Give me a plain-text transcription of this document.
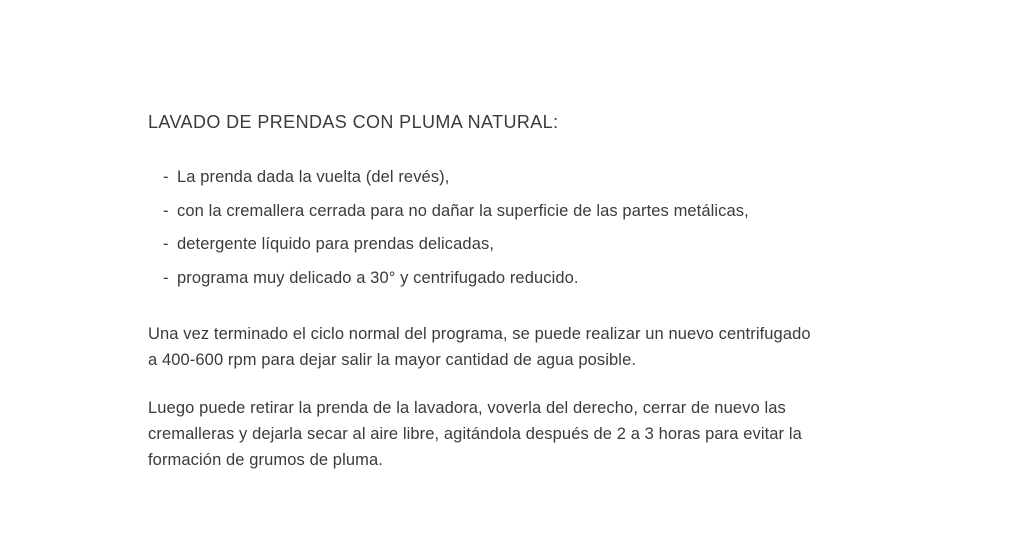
LAVADO DE PRENDAS CON PLUMA NATURAL:
- La prenda dada la vuelta (del revés),
- con la cremallera cerrada para no dañar la superficie de las partes metálicas,
- detergente líquido para prendas delicadas,
- programa muy delicado a 30° y centrifugado reducido.

Una vez terminado el ciclo normal del programa, se puede realizar un nuevo centrifugado
a 400-600 rpm para dejar salir la mayor cantidad de agua posible.

Luego puede retirar la prenda de la lavadora, voverla del derecho, cerrar de nuevo las
cremalleras y dejarla secar al aire libre, agitándola después de 2 a 3 horas para evitar la
formación de grumos de pluma.
